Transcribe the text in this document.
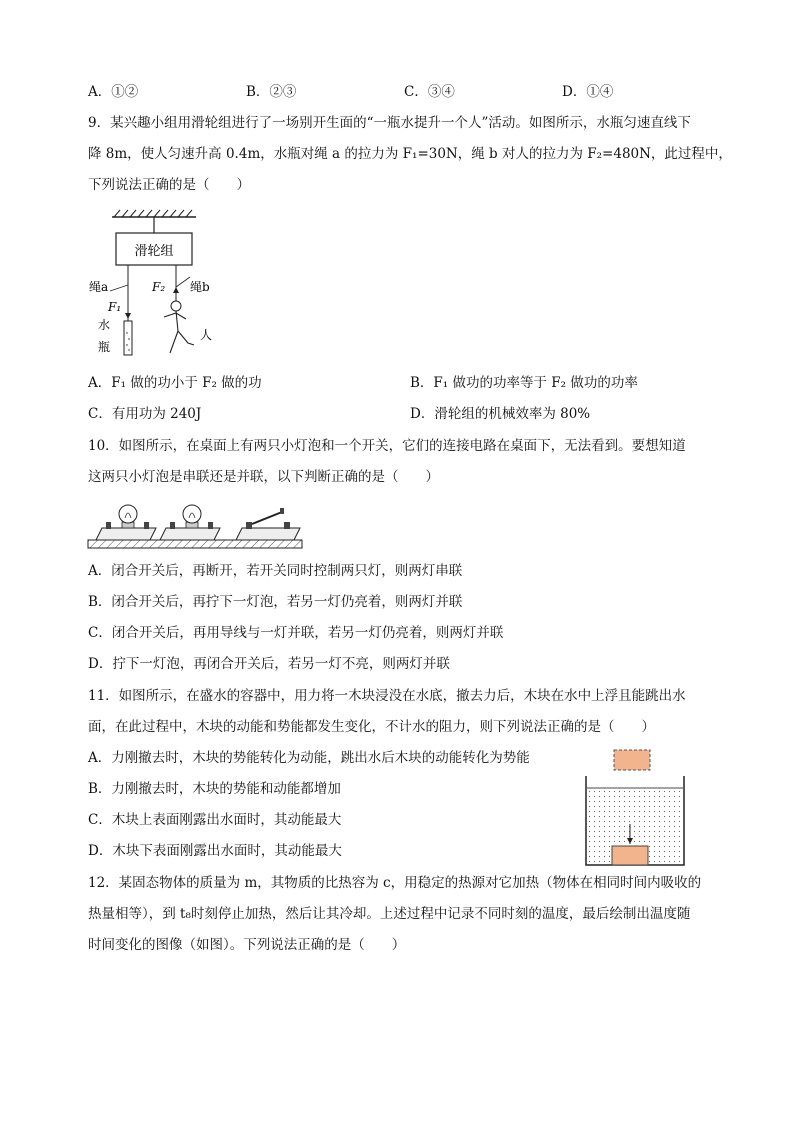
A．①②	B．②③	C．③④	D．①④
9．某兴趣小组用滑轮组进行了一场别开生面的“一瓶水提升一个人”活动。如图所示，水瓶匀速直线下
降 8m，使人匀速升高 0.4m，水瓶对绳 a 的拉力为 F₁=30N，绳 b 对人的拉力为 F₂=480N，此过程中，
下列说法正确的是（　　）
滑轮组
绳a
F₁
水
瓶
绳b
F₂
人
A．F₁ 做的功小于 F₂ 做的功	B．F₁ 做功的功率等于 F₂ 做功的功率
C．有用功为 240J	D．滑轮组的机械效率为 80%
10．如图所示，在桌面上有两只小灯泡和一个开关，它们的连接电路在桌面下，无法看到。要想知道
这两只小灯泡是串联还是并联，以下判断正确的是（　　）
A．闭合开关后，再断开，若开关同时控制两只灯，则两灯串联
B．闭合开关后，再拧下一灯泡，若另一灯仍亮着，则两灯并联
C．闭合开关后，再用导线与一灯并联，若另一灯仍亮着，则两灯并联
D．拧下一灯泡，再闭合开关后，若另一灯不亮，则两灯并联
11．如图所示，在盛水的容器中，用力将一木块浸没在水底，撤去力后，木块在水中上浮且能跳出水
面，在此过程中，木块的动能和势能都发生变化，不计水的阻力，则下列说法正确的是（　　）
A．力刚撤去时，木块的势能转化为动能，跳出水后木块的动能转化为势能
B．力刚撤去时，木块的势能和动能都增加
C．木块上表面刚露出水面时，其动能最大
D．木块下表面刚露出水面时，其动能最大
12．某固态物体的质量为 m，其物质的比热容为 c，用稳定的热源对它加热（物体在相同时间内吸收的
热量相等），到 t₈时刻停止加热，然后让其冷却。上述过程中记录不同时刻的温度，最后绘制出温度随
时间变化的图像（如图）。下列说法正确的是（　　）
